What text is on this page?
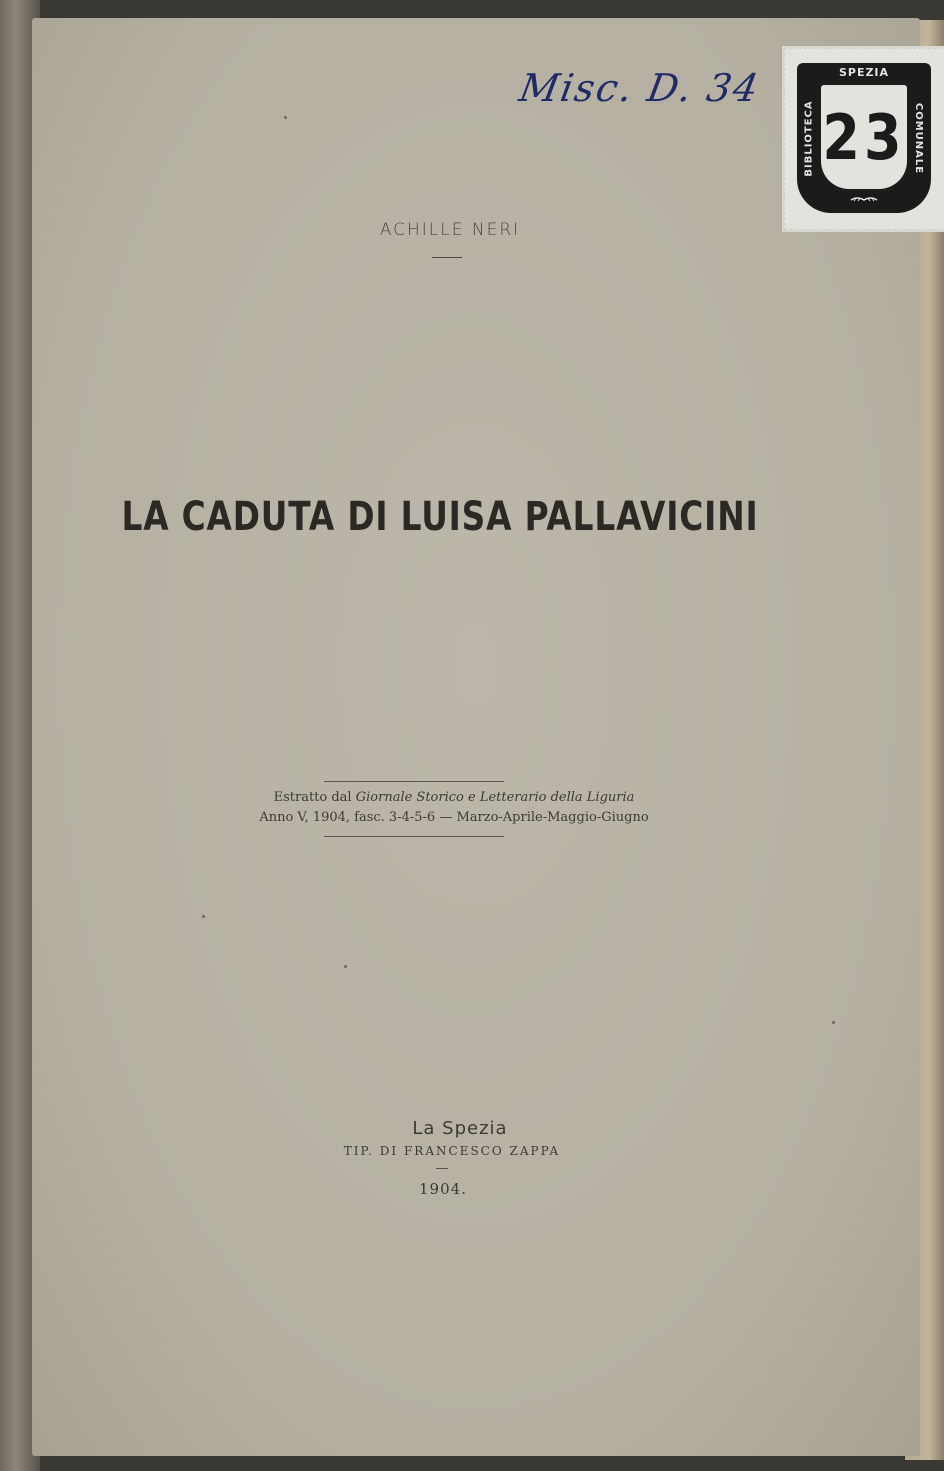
Misc. D. 34	SPEZIA
BIBLIOTECA	COMUNALE
23
ACHILLE NERI
LA CADUTA DI LUISA PALLAVICINI
Estratto dal Giornale Storico e Letterario della Liguria
Anno V, 1904, fasc. 3-4-5-6 — Marzo-Aprile-Maggio-Giugno
La Spezia
TIP. DI FRANCESCO ZAPPA
1904.
